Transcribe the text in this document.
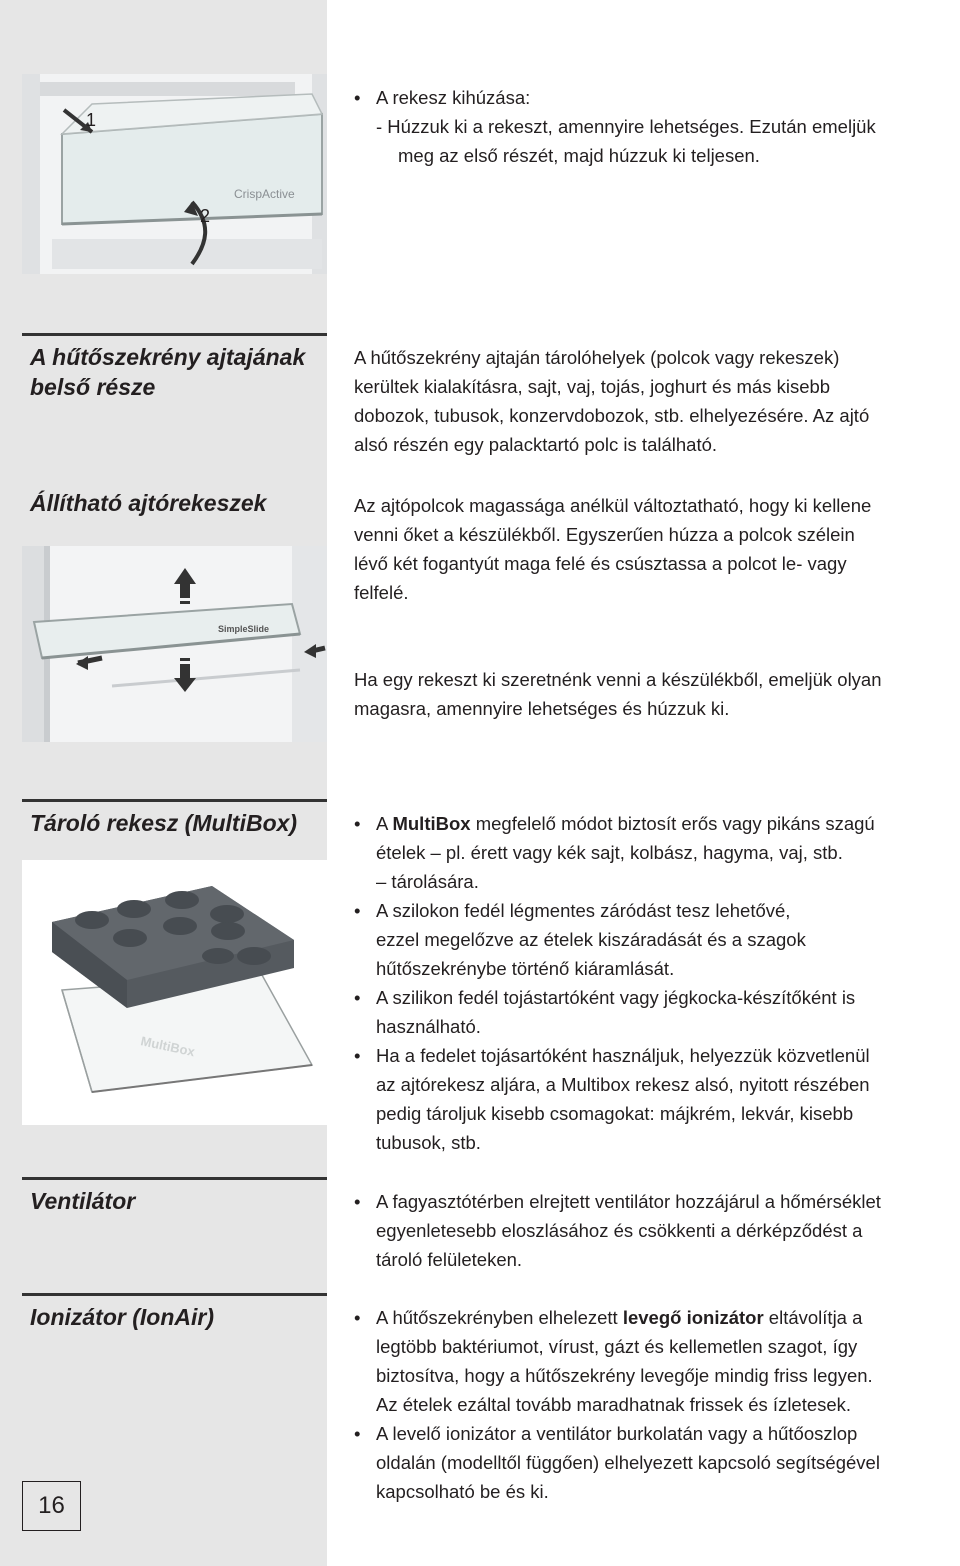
1
2
CrispActive
• A rekesz kihúzása:
- Húzzuk ki a rekeszt, amennyire lehetséges. Ezután emeljük
meg az első részét, majd húzzuk ki teljesen.
A hűtőszekrény ajtajának
belső része
A hűtőszekrény ajtaján tárolóhelyek (polcok vagy rekeszek)
kerültek kialakításra, sajt, vaj, tojás, joghurt és más kisebb
dobozok, tubusok, konzervdobozok, stb. elhelyezésére. Az ajtó
alsó részén egy palacktartó polc is található.
Állítható ajtórekeszek
SimpleSlide
Az ajtópolcok magassága anélkül változtatható, hogy ki kellene
venni őket a készülékből. Egyszerűen húzza a polcok szélein
lévő két fogantyút maga felé és csúsztassa a polcot le- vagy
felfelé.
Ha egy rekeszt ki szeretnénk venni a készülékből, emeljük olyan
magasra, amennyire lehetséges és húzzuk ki.
Tároló rekesz (MultiBox)
MultiBox
• A MultiBox megfelelő módot biztosít erős vagy pikáns szagú
ételek – pl. érett vagy kék sajt, kolbász, hagyma, vaj, stb.
– tárolására.
• A szilokon fedél légmentes záródást tesz lehetővé,
ezzel megelőzve az ételek kiszáradását és a szagok
hűtőszekrénybe történő kiáramlását.
• A szilikon fedél tojástartóként vagy jégkocka-készítőként is
használható.
• Ha a fedelet tojásartóként használjuk, helyezzük közvetlenül
az ajtórekesz aljára, a Multibox rekesz alsó, nyitott részében
pedig tároljuk kisebb csomagokat: májkrém, lekvár, kisebb
tubusok, stb.
Ventilátor	• A fagyasztótérben elrejtett ventilátor hozzájárul a hőmérséklet
egyenletesebb eloszlásához és csökkenti a dérképződést a
tároló felületeken.
Ionizátor (IonAir)	• A hűtőszekrényben elhelezett levegő ionizátor eltávolítja a
legtöbb baktériumot, vírust, gázt és kellemetlen szagot, így
biztosítva, hogy a hűtőszekrény levegője mindig friss legyen.
Az ételek ezáltal tovább maradhatnak frissek és ízletesek.
• A levelő ionizátor a ventilátor burkolatán vagy a hűtőoszlop
oldalán (modelltől függően) elhelyezett kapcsoló segítségével
kapcsolható be és ki.
16
